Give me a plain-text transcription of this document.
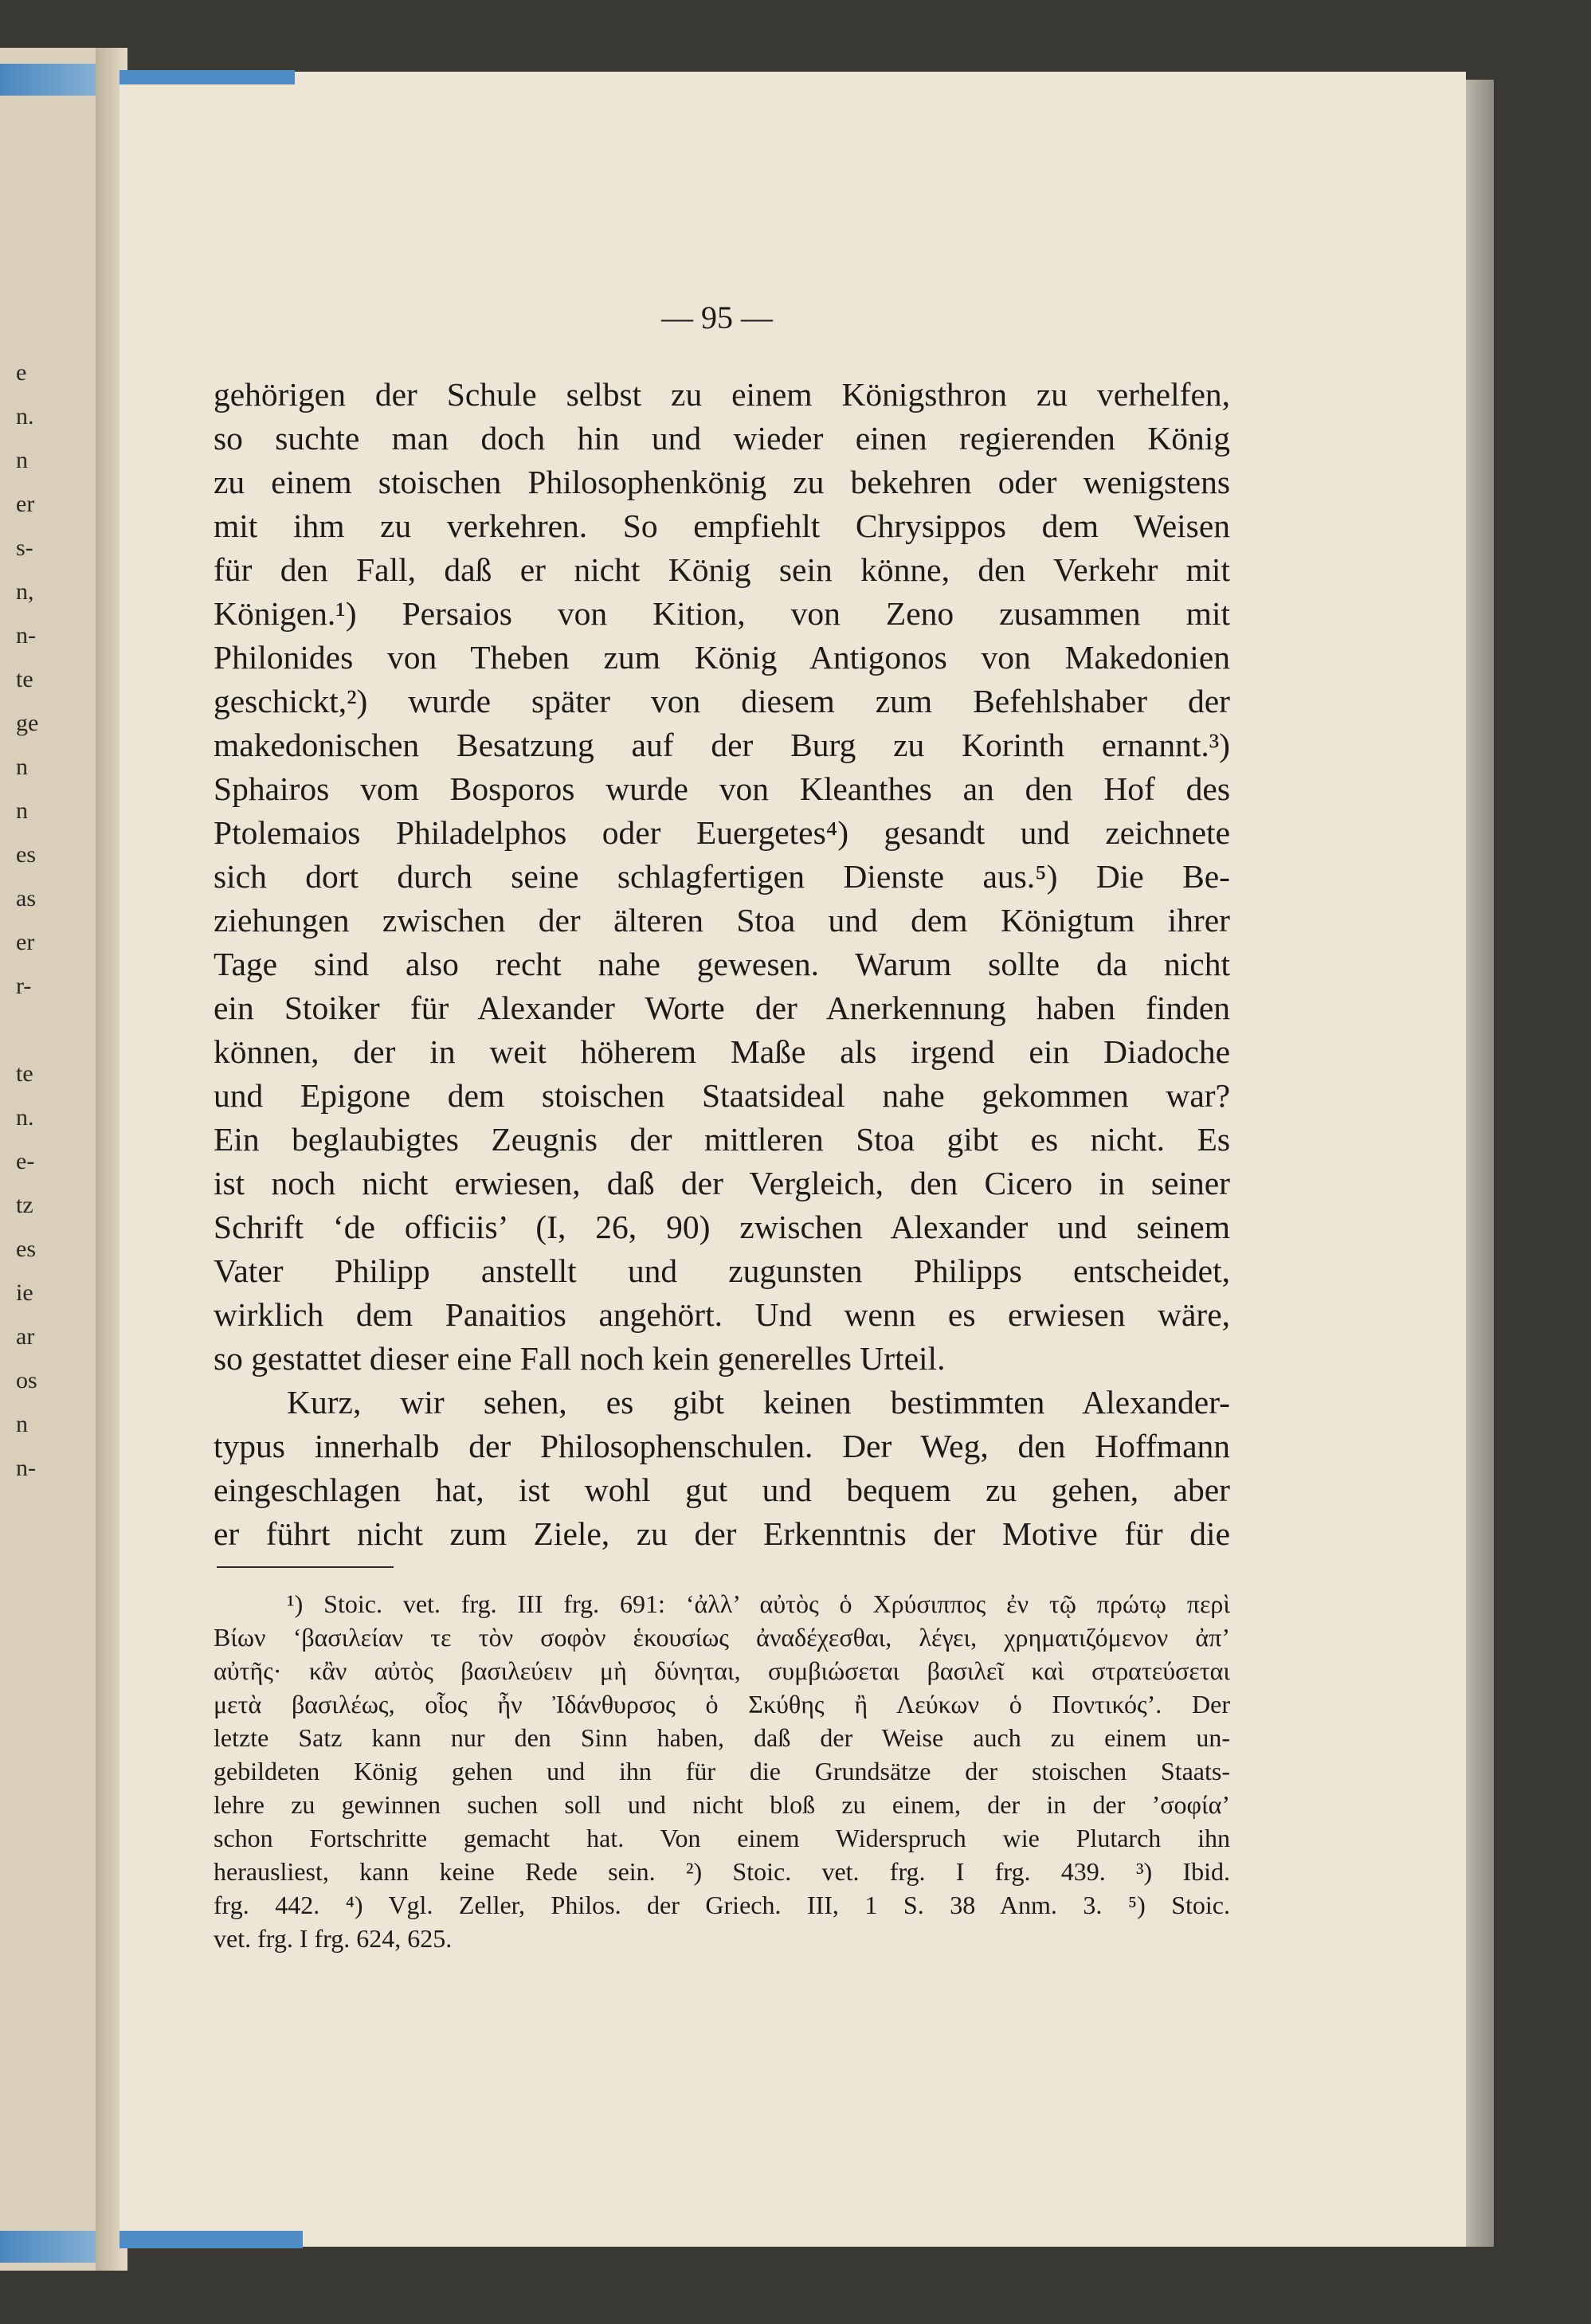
e
n.
n
er
s-
n,
n-
te
ge
n
n
es
as
er
r-
te
n.
e-
tz
es
ie
ar
os
n
n-
— 95 —
gehörigen der Schule selbst zu einem Königsthron zu verhelfen,
so suchte man doch hin und wieder einen regierenden König
zu einem stoischen Philosophenkönig zu bekehren oder wenigstens
mit ihm zu verkehren. So empfiehlt Chrysippos dem Weisen
für den Fall, daß er nicht König sein könne, den Verkehr mit
Königen.¹) Persaios von Kition, von Zeno zusammen mit
Philonides von Theben zum König Antigonos von Makedonien
geschickt,²) wurde später von diesem zum Befehlshaber der
makedonischen Besatzung auf der Burg zu Korinth ernannt.³)
Sphairos vom Bosporos wurde von Kleanthes an den Hof des
Ptolemaios Philadelphos oder Euergetes⁴) gesandt und zeichnete
sich dort durch seine schlagfertigen Dienste aus.⁵) Die Be-
ziehungen zwischen der älteren Stoa und dem Königtum ihrer
Tage sind also recht nahe gewesen. Warum sollte da nicht
ein Stoiker für Alexander Worte der Anerkennung haben finden
können, der in weit höherem Maße als irgend ein Diadoche
und Epigone dem stoischen Staatsideal nahe gekommen war?
Ein beglaubigtes Zeugnis der mittleren Stoa gibt es nicht. Es
ist noch nicht erwiesen, daß der Vergleich, den Cicero in seiner
Schrift ‘de officiis’ (I, 26, 90) zwischen Alexander und seinem
Vater Philipp anstellt und zugunsten Philipps entscheidet,
wirklich dem Panaitios angehört. Und wenn es erwiesen wäre,
so gestattet dieser eine Fall noch kein generelles Urteil.
Kurz, wir sehen, es gibt keinen bestimmten Alexander-
typus innerhalb der Philosophenschulen. Der Weg, den Hoffmann
eingeschlagen hat, ist wohl gut und bequem zu gehen, aber
er führt nicht zum Ziele, zu der Erkenntnis der Motive für die
¹) Stoic. vet. frg. III frg. 691: ‘ἀλλ’ αὐτὸς ὁ Χρύσιππος ἐν τῷ πρώτῳ περὶ
Βίων ‘βασιλείαν τε τὸν σοφὸν ἑκουσίως ἀναδέχεσθαι, λέγει, χρηματιζόμενον ἀπ’
αὐτῆς· κἂν αὐτὸς βασιλεύειν μὴ δύνηται, συμβιώσεται βασιλεῖ καὶ στρατεύσεται
μετὰ βασιλέως, οἷος ἦν Ἰδάνθυρσος ὁ Σκύθης ἢ Λεύκων ὁ Ποντικός’. Der
letzte Satz kann nur den Sinn haben, daß der Weise auch zu einem un-
gebildeten König gehen und ihn für die Grundsätze der stoischen Staats-
lehre zu gewinnen suchen soll und nicht bloß zu einem, der in der ’σοφία’
schon Fortschritte gemacht hat. Von einem Widerspruch wie Plutarch ihn
herausliest, kann keine Rede sein. ²) Stoic. vet. frg. I frg. 439. ³) Ibid.
frg. 442. ⁴) Vgl. Zeller, Philos. der Griech. III, 1 S. 38 Anm. 3. ⁵) Stoic.
vet. frg. I frg. 624, 625.
